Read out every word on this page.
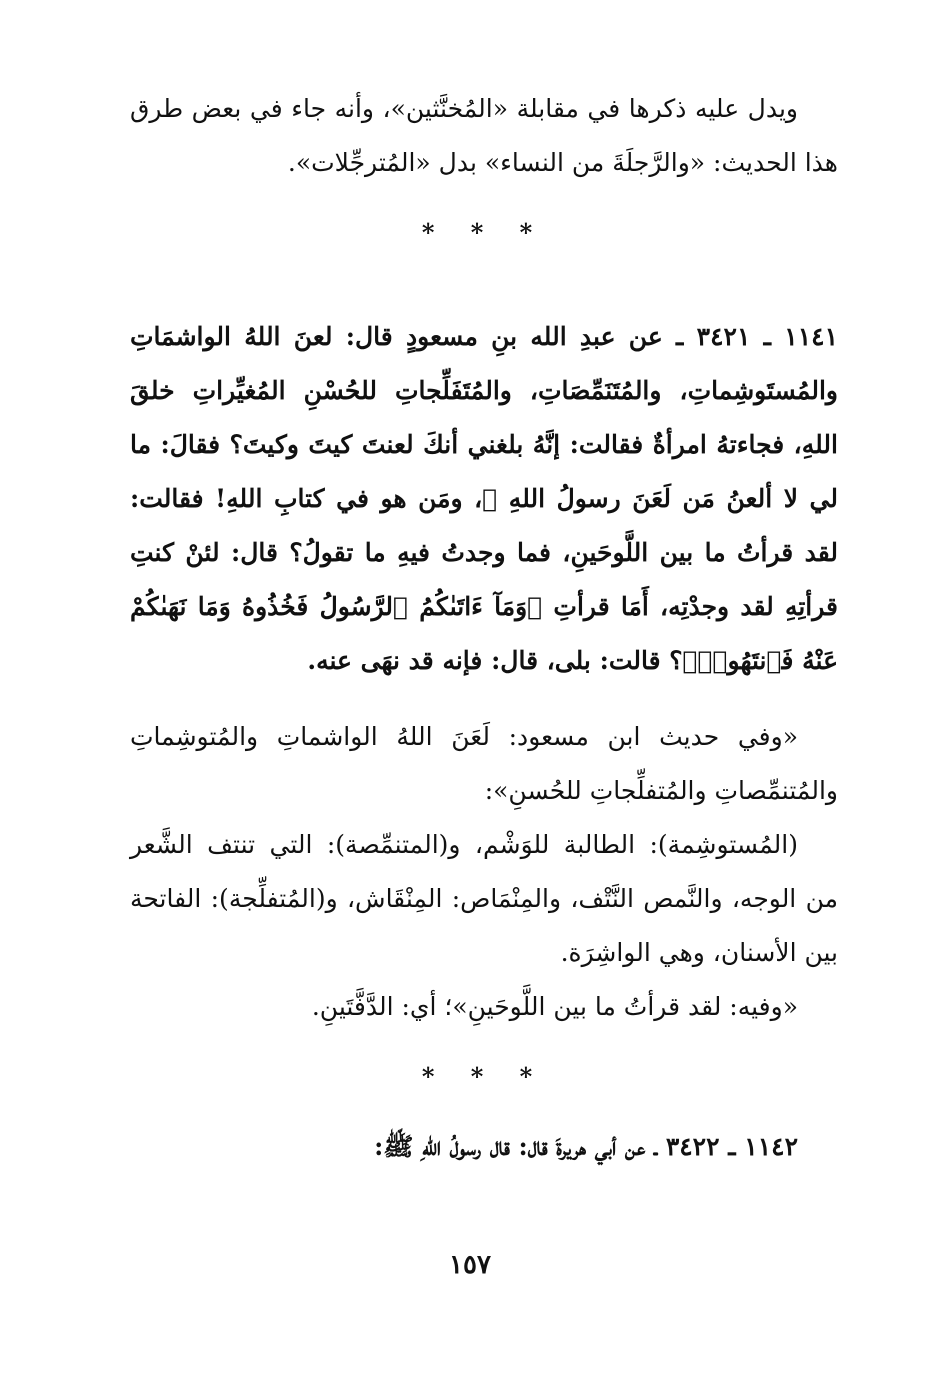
ويدل عليه ذكرها في مقابلة «المُخنَّثين»، وأنه جاء في بعض طرق هذا الحديث: «والرَّجلَةَ من النساء» بدل «المُترجِّلات».

* * *

١١٤١ ـ ٣٤٢١ ـ عن عبدِ الله بنِ مسعودٍ قال: لعنَ اللهُ الواشمَاتِ والمُستَوشِماتِ، والمُتَنَمِّصَاتِ، والمُتَفَلِّجاتِ للحُسْنِ المُغيِّراتِ خلقَ اللهِ، فجاءتهُ امرأةٌ فقالت: إنَّهُ بلغني أنكَ لعنتَ كيتَ وكيتَ؟ فقالَ: ما لي لا ألعنُ مَن لَعَنَ رسولُ اللهِ ﷺ، ومَن هو في كتابِ اللهِ! فقالت: لقد قرأتُ ما بين اللَّوحَينِ، فما وجدتُ فيهِ ما تقولُ؟ قال: لئنْ كنتِ قرأتِهِ لقد وجدْتِه، أَمَا قرأتِ ﴿وَمَآ ءَاتَىٰكُمُ ٱلرَّسُولُ فَخُذُوهُ وَمَا نَهَىٰكُمْ عَنْهُ فَٱنتَهُوا۟﴾؟ قالت: بلى، قال: فإنه قد نهَى عنه.

«وفي حديث ابن مسعود: لَعَنَ اللهُ الواشماتِ والمُتوشِماتِ والمُتنمِّصاتِ والمُتفلِّجاتِ للحُسنِ»:

(المُستوشِمة): الطالبة للوَشْم، و(المتنمِّصة): التي تنتف الشَّعر من الوجه، والنَّمص النَّتْف، والمِنْمَاص: المِنْقَاش، و(المُتفلِّجة): الفاتحة بين الأسنان، وهي الواشِرَة.

«وفيه: لقد قرأتُ ما بين اللَّوحَينِ»؛ أي: الدَّفَّتَينِ.

* * *

١١٤٢ ـ ٣٤٢٢ ـ عن أبي هريرةَ قال: قال رسولُ اللهِ ﷺ:

١٥٧
